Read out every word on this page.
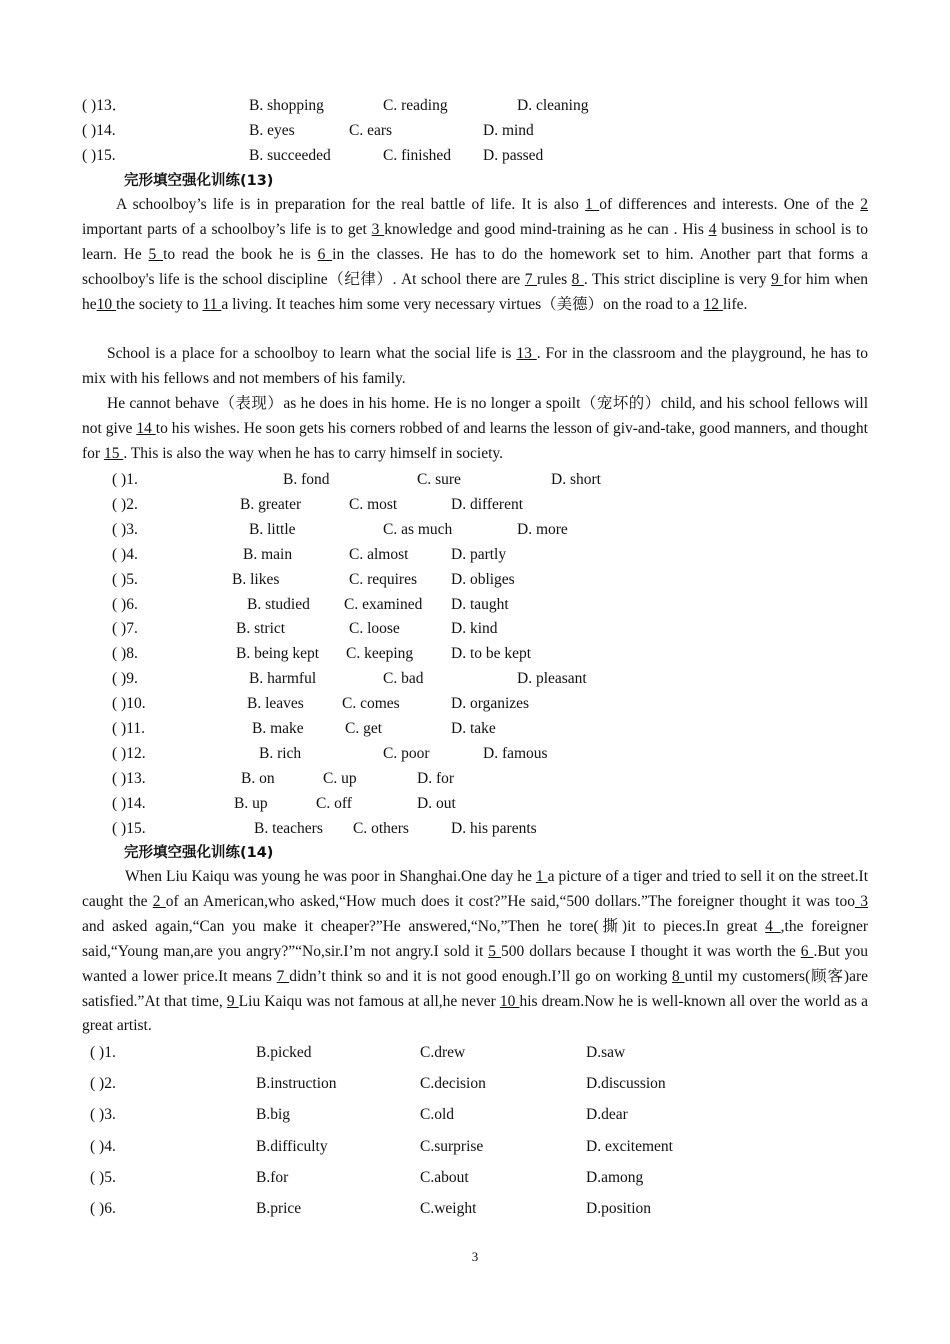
( )13．	B. shopping	C. reading	D. cleaning
( )14.	B. eyes	C. ears	D. mind
( )15.	B. succeeded	C. finished D. passed
完形填空强化训练(13)
A schoolboy’s life is in preparation for the real battle of life. It is also 1 of differences and interests. One of the 2 important parts of a schoolboy’s life is to get 3 knowledge and good mind-training as he can . His 4 business in school is to learn. He 5 to read the book he is 6 in the classes. He has to do the homework set to him. Another part that forms a schoolboy's life is the school discipline（纪律）. At school there are 7 rules 8 . This strict discipline is very 9 for him when he10 the society to 11 a living. It teaches him some very necessary virtues（美德）on the road to a 12 life.
School is a place for a schoolboy to learn what the social life is 13 . For in the classroom and the playground, he has to mix with his fellows and not members of his family.
He cannot behave（表现）as he does in his home. He is no longer a spoilt（宠坏的）child, and his school fellows will not give 14 to his wishes. He soon gets his corners robbed of and learns the lesson of giv-and-take, good manners, and thought for 15 . This is also the way when he has to carry himself in society.
( )1.	B. fond	C. sure	D. short
( )2.	B. greater	C. most	D. different
( )3.	B. little	C. as much	D. more
( )4.	B. main	C. almost	D. partly
( )5.	B. likes	C. requires D. obliges
( )6.	B. studied C. examined D. taught
( )7.	B. strict	C. loose	D. kind
( )8.	B. being kept C. keeping D. to be kept
( )9.	B. harmful	C. bad	D. pleasant
( )10.	B. leaves C. comes	D. organizes
( )11.	B. make	C. get	D. take
( )12.	B. rich	C. poor	D. famous
( )13.	B. on	C. up	D. for
( )14.	B. up	C. off	D. out
( )15.	B. teachers C. others	D. his parents
完形填空强化训练(14)
When Liu Kaiqu was young he was poor in Shanghai.One day he 1 a picture of a tiger and tried to sell it on the street.It caught the 2 of an American,who asked,“How much does it cost?”He said,“500 dollars.”The foreigner thought it was too 3 and asked again,“Can you make it cheaper?”He answered,“No,”Then he tore(撕)it to pieces.In great 4 ,the foreigner said,“Young man,are you angry?”“No,sir.I’m not angry.I sold it 5 500 dollars because I thought it was worth the 6 .But you wanted a lower price.It means 7 didn’t think so and it is not good enough.I’ll go on working 8 until my customers(顾客)are satisfied.”At that time, 9 Liu Kaiqu was not famous at all,he never 10 his dream.Now he is well-known all over the world as a great artist.
( )1.	B.picked	C.drew	D.saw
( )2.	B.instruction	C.decision	D.discussion
( )3.	B.big	C.old	D.dear
( )4.	B.difficulty	C.surprise	D. excitement
( )5.	B.for	C.about	D.among
( )6.	B.price	C.weight	D.position
3
